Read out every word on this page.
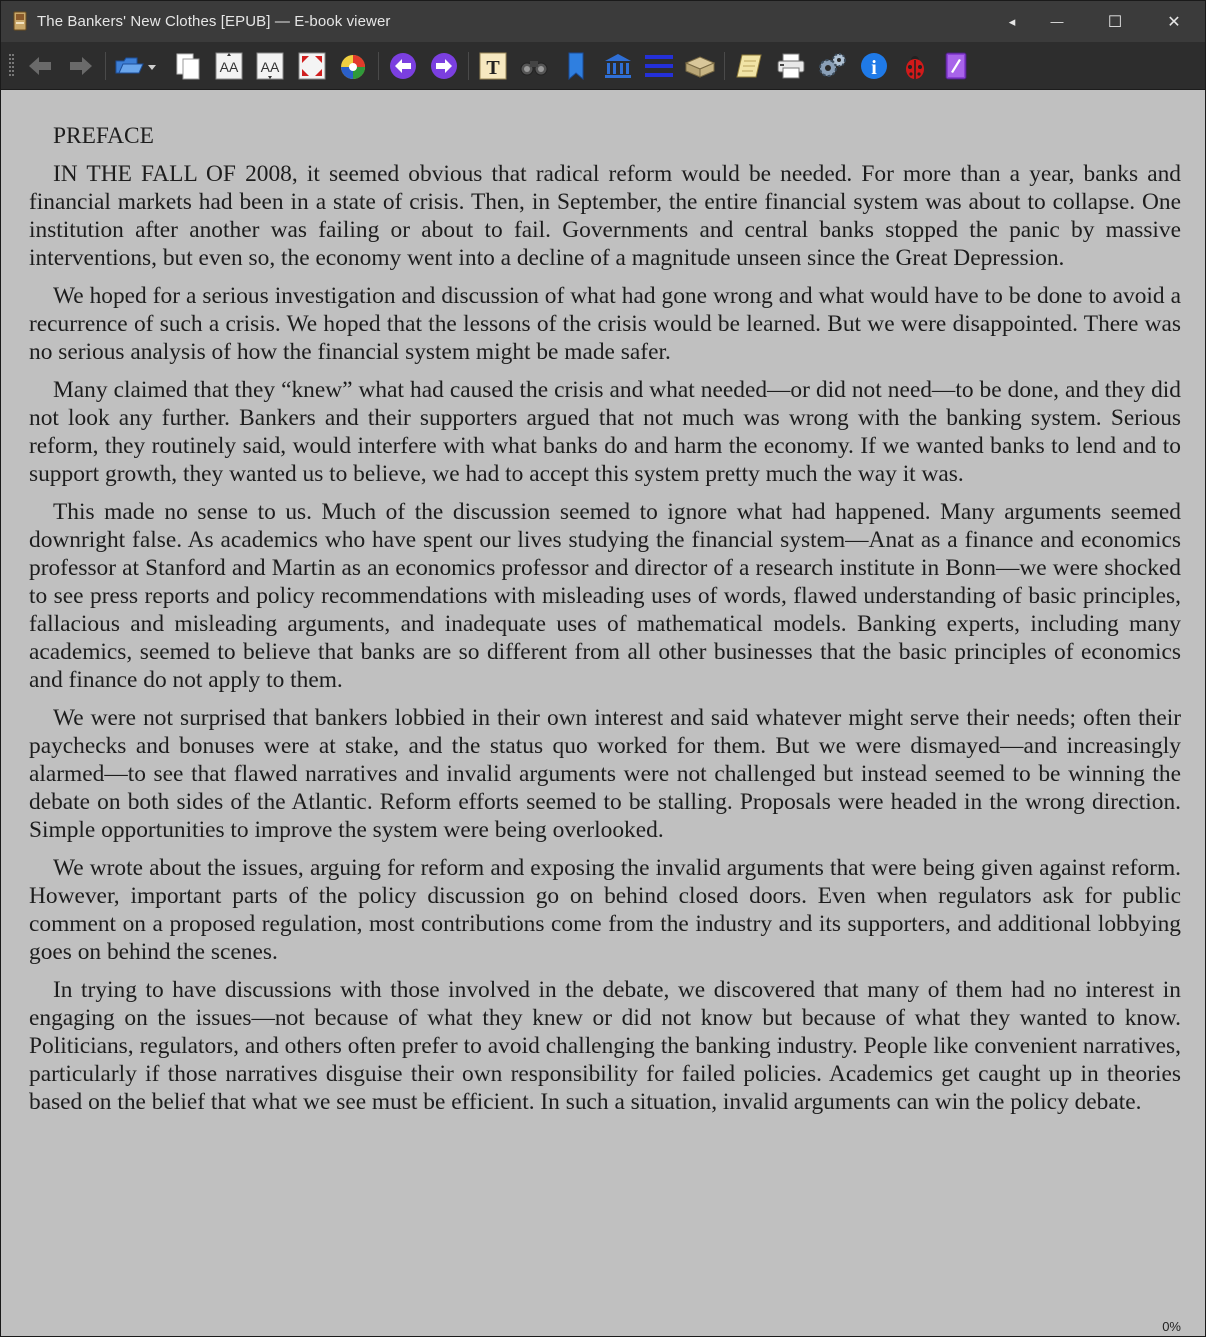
The Bankers' New Clothes [EPUB] — E-book viewer	◂	—	☐	✕
AA AA	T	i
PREFACE

IN THE FALL OF 2008, it seemed obvious that radical reform would be needed. For more than a year, banks and financial markets had been in a state of crisis. Then, in September, the entire financial system was about to collapse. One institution after another was failing or about to fail. Governments and central banks stopped the panic by massive interventions, but even so, the economy went into a decline of a magnitude unseen since the Great Depression.

We hoped for a serious investigation and discussion of what had gone wrong and what would have to be done to avoid a recurrence of such a crisis. We hoped that the lessons of the crisis would be learned. But we were disappointed. There was no serious analysis of how the financial system might be made safer.

Many claimed that they “knew” what had caused the crisis and what needed—or did not need—to be done, and they did not look any further. Bankers and their supporters argued that not much was wrong with the banking system. Serious reform, they routinely said, would interfere with what banks do and harm the economy. If we wanted banks to lend and to support growth, they wanted us to believe, we had to accept this system pretty much the way it was.

This made no sense to us. Much of the discussion seemed to ignore what had happened. Many arguments seemed downright false. As academics who have spent our lives studying the financial system—Anat as a finance and economics professor at Stanford and Martin as an economics professor and director of a research institute in Bonn—we were shocked to see press reports and policy recommendations with misleading uses of words, flawed understanding of basic principles, fallacious and misleading arguments, and inadequate uses of mathematical models. Banking experts, including many academics, seemed to believe that banks are so different from all other businesses that the basic principles of economics and finance do not apply to them.

We were not surprised that bankers lobbied in their own interest and said whatever might serve their needs; often their paychecks and bonuses were at stake, and the status quo worked for them. But we were dismayed—and increasingly alarmed—to see that flawed narratives and invalid arguments were not challenged but instead seemed to be winning the debate on both sides of the Atlantic. Reform efforts seemed to be stalling. Proposals were headed in the wrong direction. Simple opportunities to improve the system were being overlooked.

We wrote about the issues, arguing for reform and exposing the invalid arguments that were being given against reform. However, important parts of the policy discussion go on behind closed doors. Even when regulators ask for public comment on a proposed regulation, most contributions come from the industry and its supporters, and additional lobbying goes on behind the scenes.

In trying to have discussions with those involved in the debate, we discovered that many of them had no interest in engaging on the issues—not because of what they knew or did not know but because of what they wanted to know. Politicians, regulators, and others often prefer to avoid challenging the banking industry. People like convenient narratives, particularly if those narratives disguise their own responsibility for failed policies. Academics get caught up in theories based on the belief that what we see must be efficient. In such a situation, invalid arguments can win the policy debate.

0%
